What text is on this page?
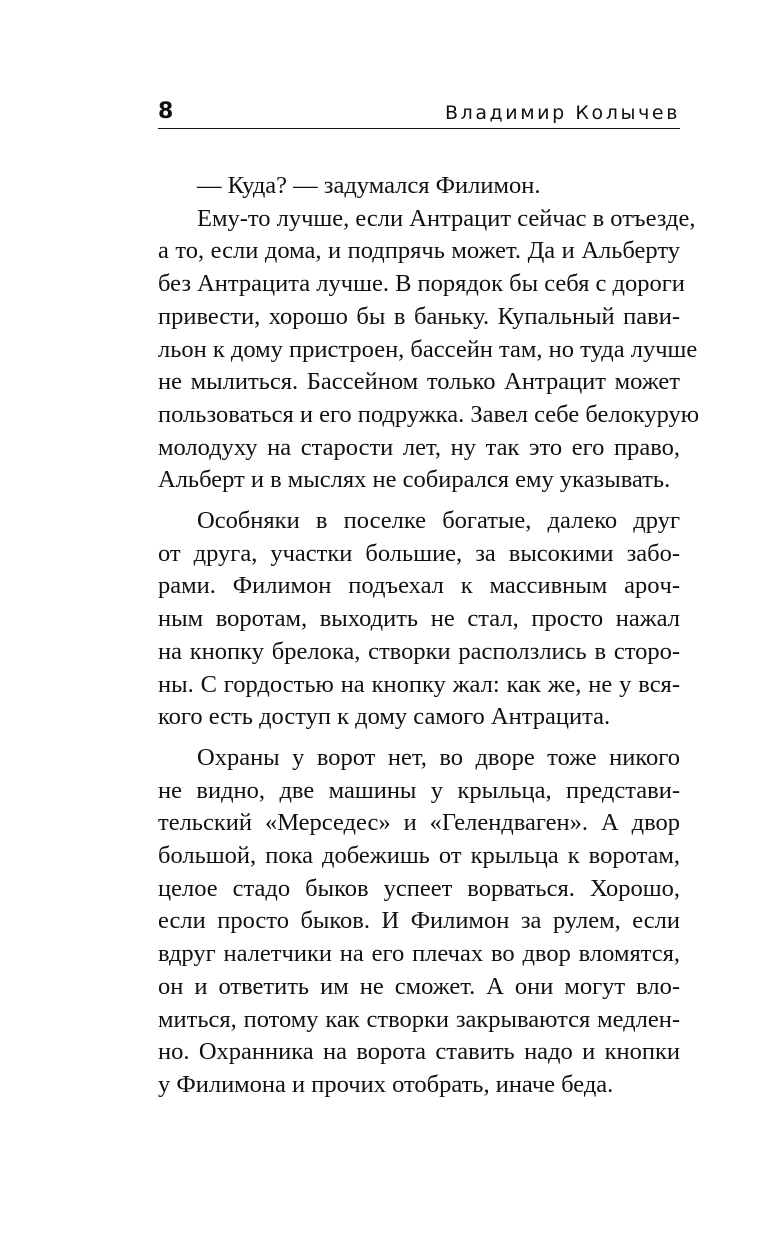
8	Владимир Колычев

— Куда? — задумался Филимон.

Ему-то лучше, если Антрацит сейчас в отъезде,
а то, если дома, и подпрячь может. Да и Альберту
без Антрацита лучше. В порядок бы себя с дороги
привести, хорошо бы в баньку. Купальный пави-
льон к дому пристроен, бассейн там, но туда лучше
не мылиться. Бассейном только Антрацит может
пользоваться и его подружка. Завел себе белокурую
молодуху на старости лет, ну так это его право,
Альберт и в мыслях не собирался ему указывать.

Особняки в поселке богатые, далеко друг
от друга, участки большие, за высокими забо-
рами. Филимон подъехал к массивным арoч-
ным воротам, выходить не стал, просто нажал
на кнопку брелока, створки расползлись в сторо-
ны. С гордостью на кнопку жал: как же, не у вся-
кого есть доступ к дому самого Антрацита.

Охраны у ворот нет, во дворе тоже никого
не видно, две машины у крыльца, представи-
тельский «Мерседес» и «Гелендваген». А двор
большой, пока добежишь от крыльца к воротам,
целое стадо быков успеет ворваться. Хорошо,
если просто быков. И Филимон за рулем, если
вдруг налетчики на его плечах во двор вломятся,
он и ответить им не сможет. А они могут вло-
миться, потому как створки закрываются медлен-
но. Охранника на ворота ставить надо и кнопки
у Филимона и прочих отобрать, иначе беда.
